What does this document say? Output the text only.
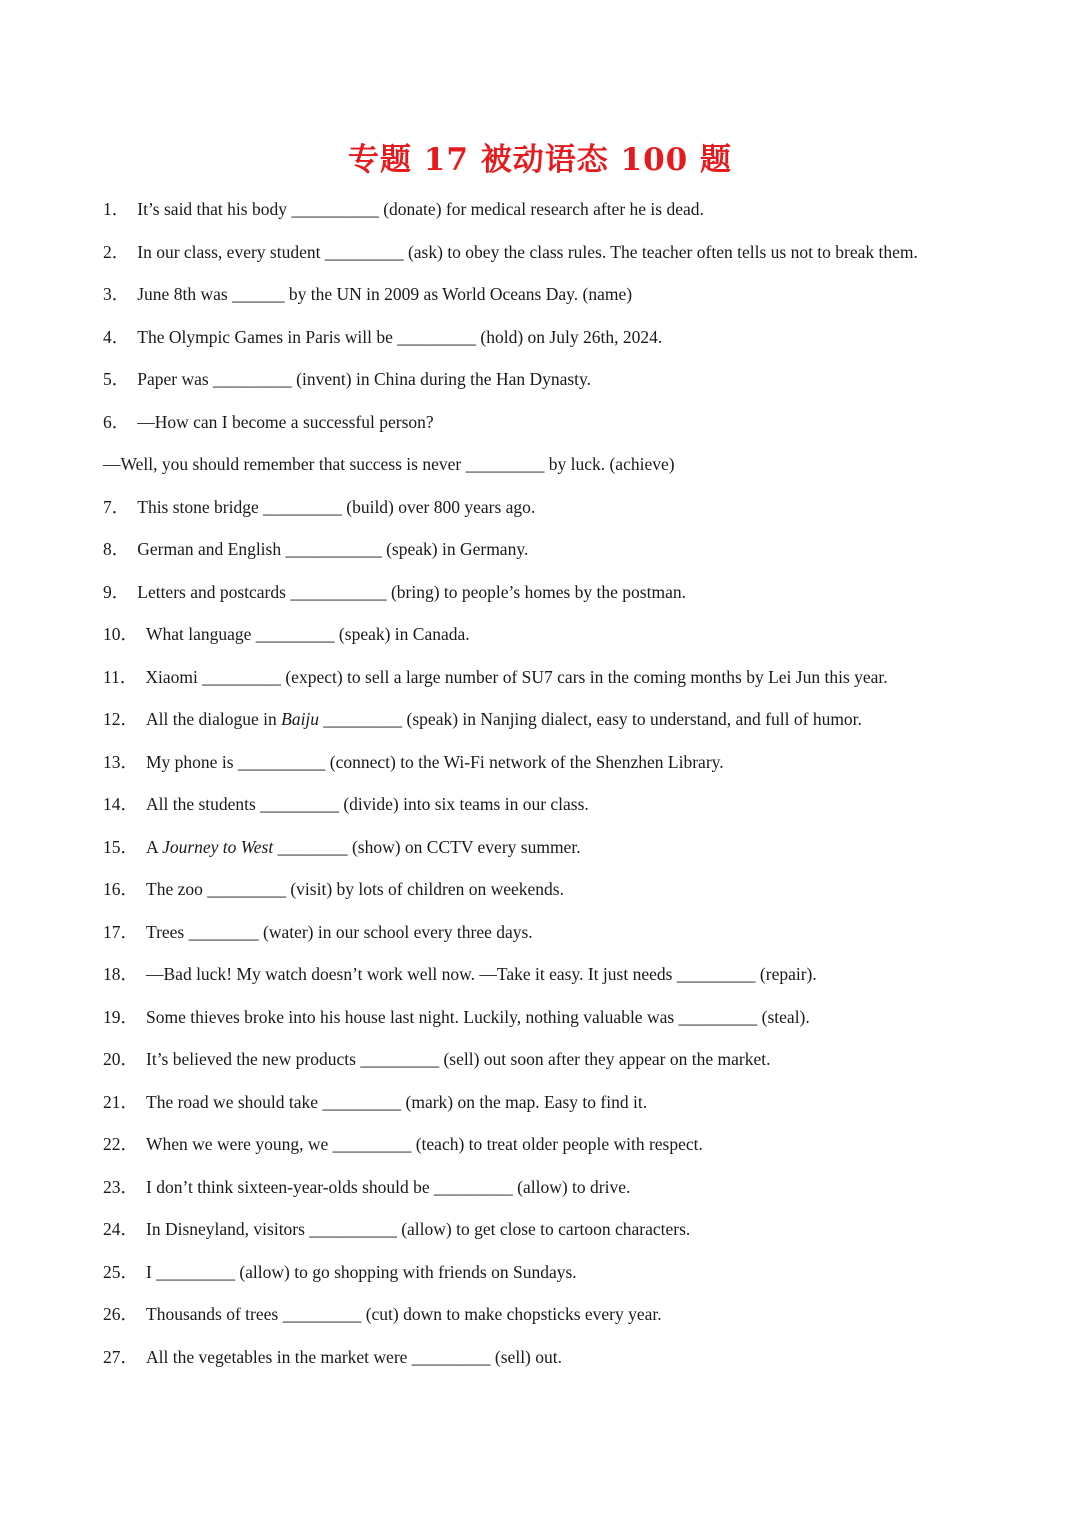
专题 17 被动语态 100 题
1． It’s said that his body __________ (donate) for medical research after he is dead.
2． In our class, every student _________ (ask) to obey the class rules. The teacher often tells us not to break them.
3． June 8th was ______ by the UN in 2009 as World Oceans Day. (name)
4． The Olympic Games in Paris will be _________ (hold) on July 26th, 2024.
5． Paper was _________ (invent) in China during the Han Dynasty.
6． —How can I become a successful person?
—Well, you should remember that success is never _________ by luck. (achieve)
7． This stone bridge _________ (build) over 800 years ago.
8． German and English ___________ (speak) in Germany.
9． Letters and postcards ___________ (bring) to people’s homes by the postman.
10． What language _________ (speak) in Canada.
11． Xiaomi _________ (expect) to sell a large number of SU7 cars in the coming months by Lei Jun this year.
12． All the dialogue in Baiju _________ (speak) in Nanjing dialect, easy to understand, and full of humor.
13． My phone is __________ (connect) to the Wi-Fi network of the Shenzhen Library.
14． All the students _________ (divide) into six teams in our class.
15． A Journey to West ________ (show) on CCTV every summer.
16． The zoo _________ (visit) by lots of children on weekends.
17． Trees ________ (water) in our school every three days.
18． —Bad luck! My watch doesn’t work well now. —Take it easy. It just needs _________ (repair).
19． Some thieves broke into his house last night. Luckily, nothing valuable was _________ (steal).
20． It’s believed the new products _________ (sell) out soon after they appear on the market.
21． The road we should take _________ (mark) on the map. Easy to find it.
22． When we were young, we _________ (teach) to treat older people with respect.
23． I don’t think sixteen-year-olds should be _________ (allow) to drive.
24． In Disneyland, visitors __________ (allow) to get close to cartoon characters.
25． I _________ (allow) to go shopping with friends on Sundays.
26． Thousands of trees _________ (cut) down to make chopsticks every year.
27． All the vegetables in the market were _________ (sell) out.
